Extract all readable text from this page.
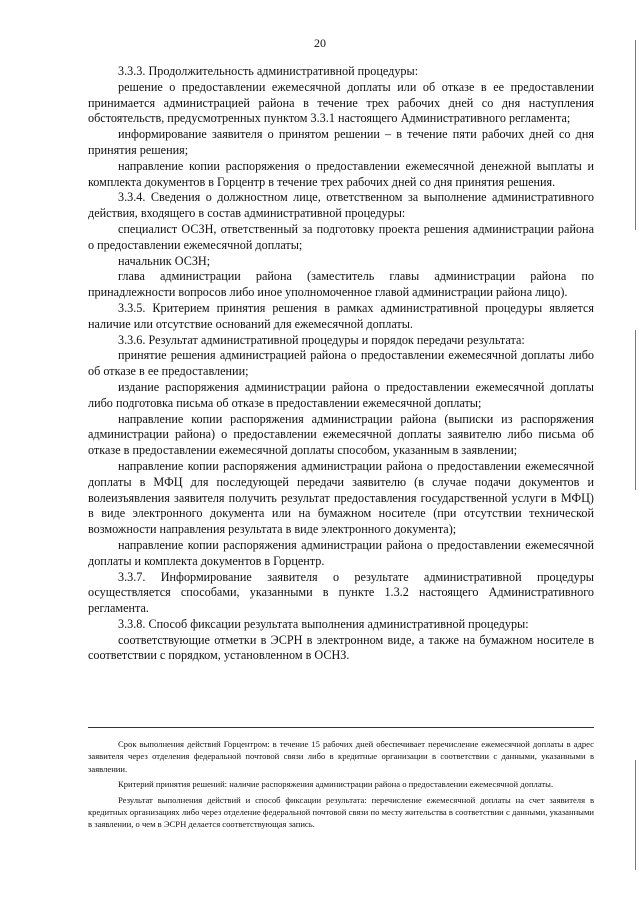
20

3.3.3. Продолжительность административной процедуры:

решение о предоставлении ежемесячной доплаты или об отказе в ее предоставлении принимается администрацией района в течение трех рабочих дней со дня наступления обстоятельств, предусмотренных пунктом 3.3.1 настоящего Административного регламента;

информирование заявителя о принятом решении – в течение пяти рабочих дней со дня принятия решения;

направление копии распоряжения о предоставлении ежемесячной денежной выплаты и комплекта документов в Горцентр в течение трех рабочих дней со дня принятия решения.

3.3.4. Сведения о должностном лице, ответственном за выполнение административного действия, входящего в состав административной процедуры:

специалист ОСЗН, ответственный за подготовку проекта решения администрации района о предоставлении ежемесячной доплаты;

начальник ОСЗН;

глава администрации района (заместитель главы администрации района по принадлежности вопросов либо иное уполномоченное главой администрации района лицо).

3.3.5. Критерием принятия решения в рамках административной процедуры является наличие или отсутствие оснований для ежемесячной доплаты.

3.3.6. Результат административной процедуры и порядок передачи результата:

принятие решения администрацией района о предоставлении ежемесячной доплаты либо об отказе в ее предоставлении;

издание распоряжения администрации района о предоставлении ежемесячной доплаты либо подготовка письма об отказе в предоставлении ежемесячной доплаты;

направление копии распоряжения администрации района (выписки из распоряжения администрации района) о предоставлении ежемесячной доплаты заявителю либо письма об отказе в предоставлении ежемесячной доплаты способом, указанным в заявлении;

направление копии распоряжения администрации района о предоставлении ежемесячной доплаты в МФЦ для последующей передачи заявителю (в случае подачи документов и волеизъявления заявителя получить результат предоставления государственной услуги в МФЦ) в виде электронного документа или на бумажном носителе (при отсутствии технической возможности направления результата в виде электронного документа);

направление копии распоряжения администрации района о предоставлении ежемесячной доплаты и комплекта документов в Горцентр.

3.3.7. Информирование заявителя о результате административной процедуры осуществляется способами, указанными в пункте 1.3.2 настоящего Административного регламента.

3.3.8. Способ фиксации результата выполнения административной процедуры:

соответствующие отметки в ЭСРН в электронном виде, а также на бумажном носителе в соответствии с порядком, установленном в ОСНЗ.

Срок выполнения действий Горцентром: в течение 15 рабочих дней обеспечивает перечисление ежемесячной доплаты в адрес заявителя через отделения федеральной почтовой связи либо в кредитные организации в соответствии с данными, указанными в заявлении.

Критерий принятия решений: наличие распоряжения администрации района о предоставлении ежемесячной доплаты.

Результат выполнения действий и способ фиксации результата: перечисление ежемесячной доплаты на счет заявителя в кредитных организациях либо через отделение федеральной почтовой связи по месту жительства в соответствии с данными, указанными в заявлении, о чем в ЭСРН делается соответствующая запись.
